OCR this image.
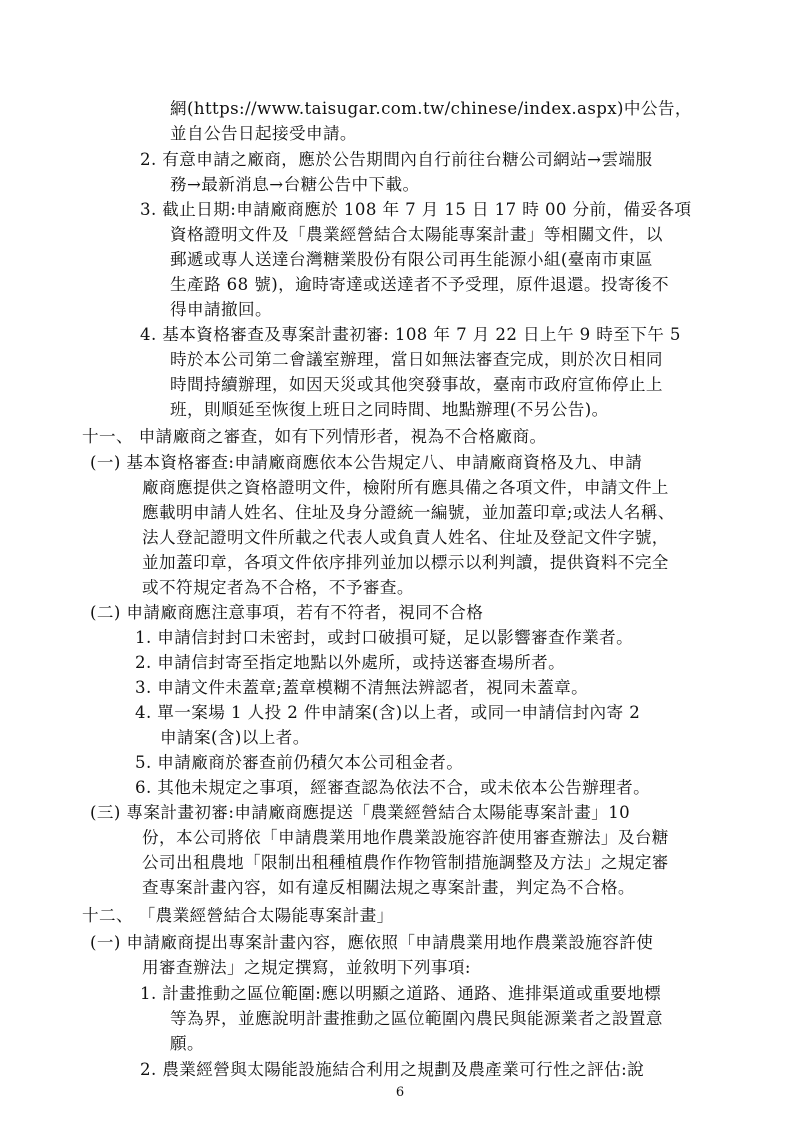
網(https://www.taisugar.com.tw/chinese/index.aspx)中公告，
並自公告日起接受申請。
2. 有意申請之廠商，應於公告期間內自行前往台糖公司網站→雲端服
務→最新消息→台糖公告中下載。
3. 截止日期:申請廠商應於 108 年 7 月 15 日 17 時 00 分前，備妥各項
資格證明文件及「農業經營結合太陽能專案計畫」等相關文件，以
郵遞或專人送達台灣糖業股份有限公司再生能源小組(臺南市東區
生產路 68 號)，逾時寄達或送達者不予受理，原件退還。投寄後不
得申請撤回。
4. 基本資格審查及專案計畫初審: 108 年 7 月 22 日上午 9 時至下午 5
時於本公司第二會議室辦理，當日如無法審查完成，則於次日相同
時間持續辦理，如因天災或其他突發事故，臺南市政府宣佈停止上
班，則順延至恢復上班日之同時間、地點辦理(不另公告)。
十一、 申請廠商之審查，如有下列情形者，視為不合格廠商。
(一) 基本資格審查:申請廠商應依本公告規定八、申請廠商資格及九、申請
廠商應提供之資格證明文件，檢附所有應具備之各項文件，申請文件上
應載明申請人姓名、住址及身分證統一編號，並加蓋印章;或法人名稱、
法人登記證明文件所載之代表人或負責人姓名、住址及登記文件字號，
並加蓋印章，各項文件依序排列並加以標示以利判讀，提供資料不完全
或不符規定者為不合格，不予審查。
(二) 申請廠商應注意事項，若有不符者，視同不合格
1. 申請信封封口未密封，或封口破損可疑，足以影響審查作業者。
2. 申請信封寄至指定地點以外處所，或持送審查場所者。
3. 申請文件未蓋章;蓋章模糊不清無法辨認者，視同未蓋章。
4. 單一案場 1 人投 2 件申請案(含)以上者，或同一申請信封內寄 2
申請案(含)以上者。
5. 申請廠商於審查前仍積欠本公司租金者。
6. 其他未規定之事項，經審查認為依法不合，或未依本公告辦理者。
(三) 專案計畫初審:申請廠商應提送「農業經營結合太陽能專案計畫」10
份，本公司將依「申請農業用地作農業設施容許使用審查辦法」及台糖
公司出租農地「限制出租種植農作作物管制措施調整及方法」之規定審
查專案計畫內容，如有違反相關法規之專案計畫，判定為不合格。
十二、 「農業經營結合太陽能專案計畫」
(一) 申請廠商提出專案計畫內容，應依照「申請農業用地作農業設施容許使
用審查辦法」之規定撰寫，並敘明下列事項:
1. 計畫推動之區位範圍:應以明顯之道路、通路、進排渠道或重要地標
等為界，並應說明計畫推動之區位範圍內農民與能源業者之設置意
願。
2. 農業經營與太陽能設施結合利用之規劃及農產業可行性之評估:說
6
